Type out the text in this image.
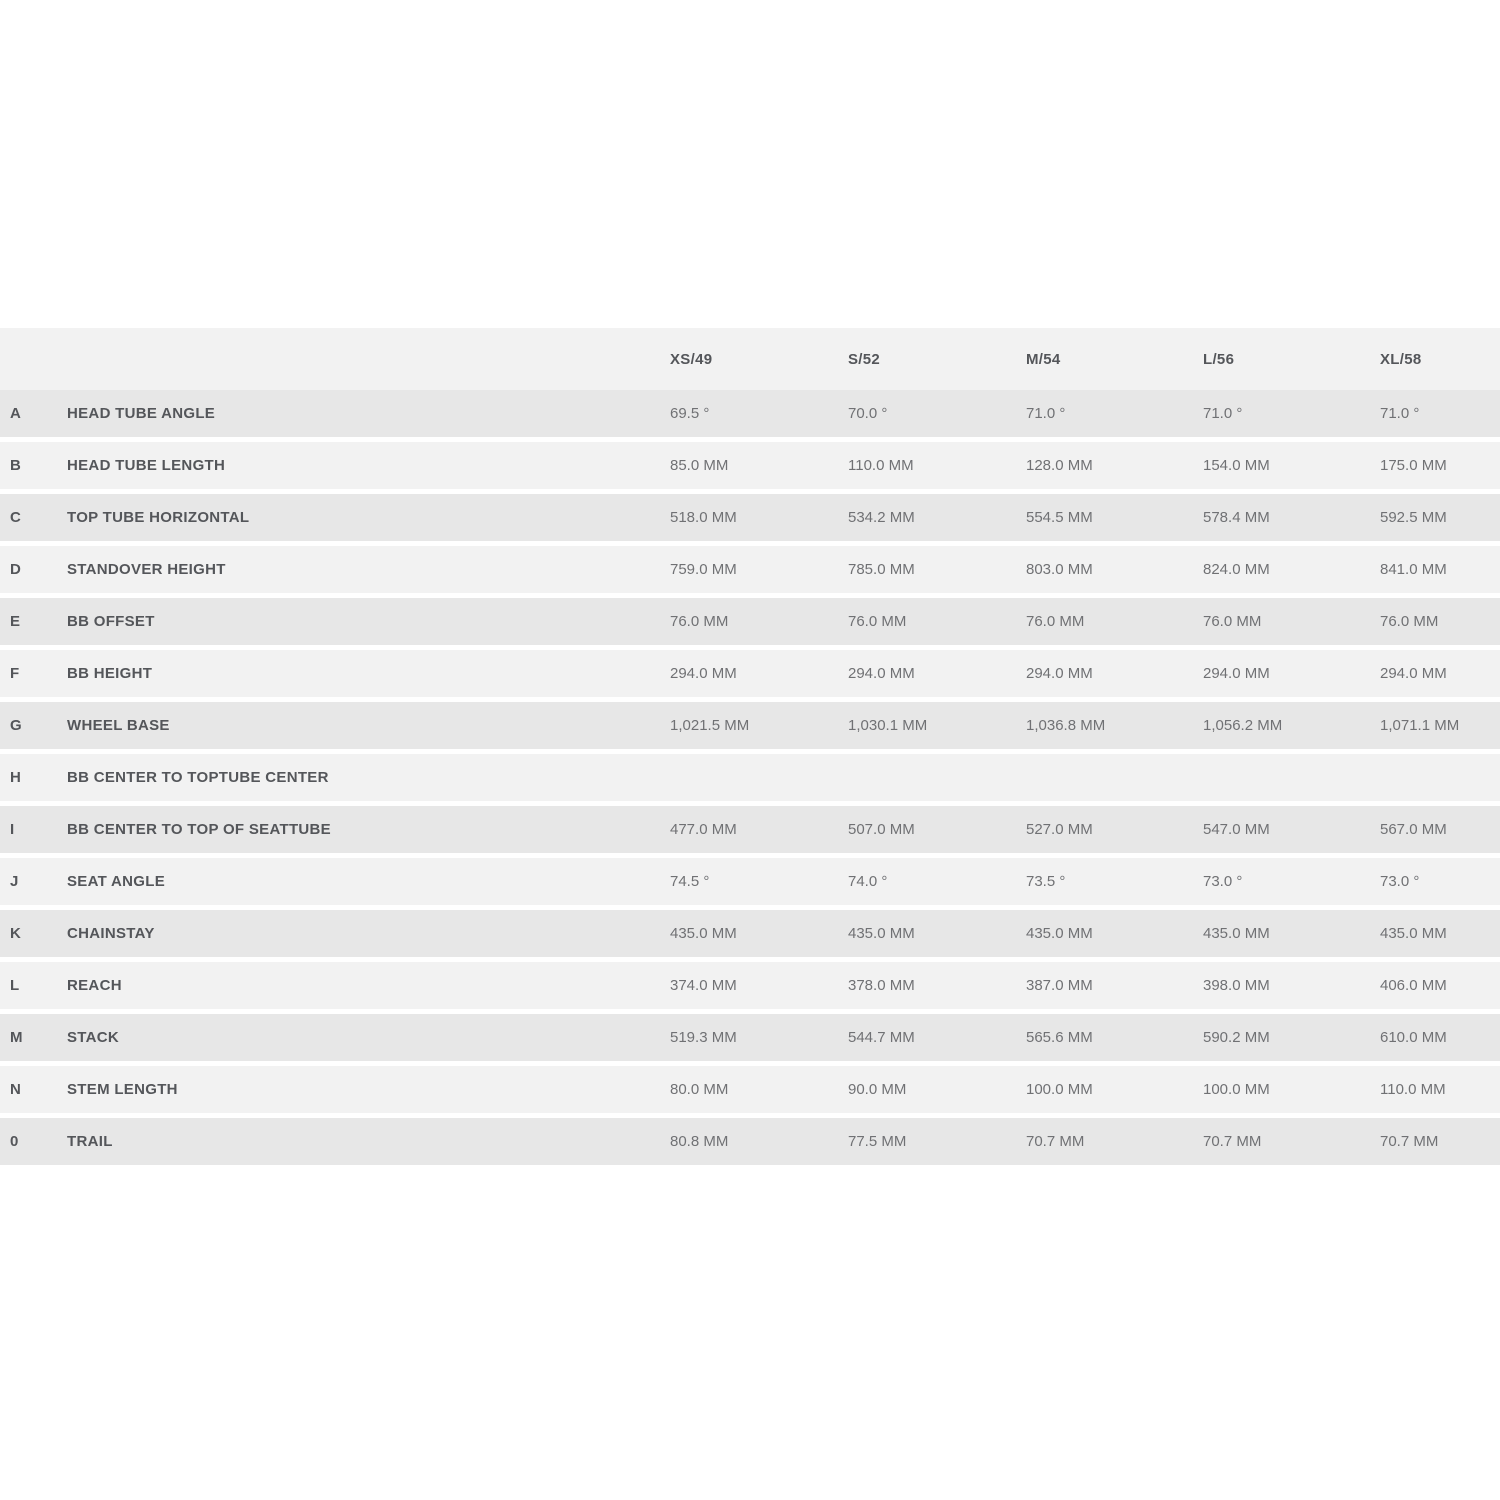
		XS/49	S/52	M/54	L/56	XL/58
A	HEAD TUBE ANGLE	69.5 °	70.0 °	71.0 °	71.0 °	71.0 °
B	HEAD TUBE LENGTH	85.0 MM	110.0 MM	128.0 MM	154.0 MM	175.0 MM
C	TOP TUBE HORIZONTAL	518.0 MM	534.2 MM	554.5 MM	578.4 MM	592.5 MM
D	STANDOVER HEIGHT	759.0 MM	785.0 MM	803.0 MM	824.0 MM	841.0 MM
E	BB OFFSET	76.0 MM	76.0 MM	76.0 MM	76.0 MM	76.0 MM
F	BB HEIGHT	294.0 MM	294.0 MM	294.0 MM	294.0 MM	294.0 MM
G	WHEEL BASE	1,021.5 MM	1,030.1 MM	1,036.8 MM	1,056.2 MM	1,071.1 MM
H	BB CENTER TO TOPTUBE CENTER					
I	BB CENTER TO TOP OF SEATTUBE	477.0 MM	507.0 MM	527.0 MM	547.0 MM	567.0 MM
J	SEAT ANGLE	74.5 °	74.0 °	73.5 °	73.0 °	73.0 °
K	CHAINSTAY	435.0 MM	435.0 MM	435.0 MM	435.0 MM	435.0 MM
L	REACH	374.0 MM	378.0 MM	387.0 MM	398.0 MM	406.0 MM
M	STACK	519.3 MM	544.7 MM	565.6 MM	590.2 MM	610.0 MM
N	STEM LENGTH	80.0 MM	90.0 MM	100.0 MM	100.0 MM	110.0 MM
0	TRAIL	80.8 MM	77.5 MM	70.7 MM	70.7 MM	70.7 MM
